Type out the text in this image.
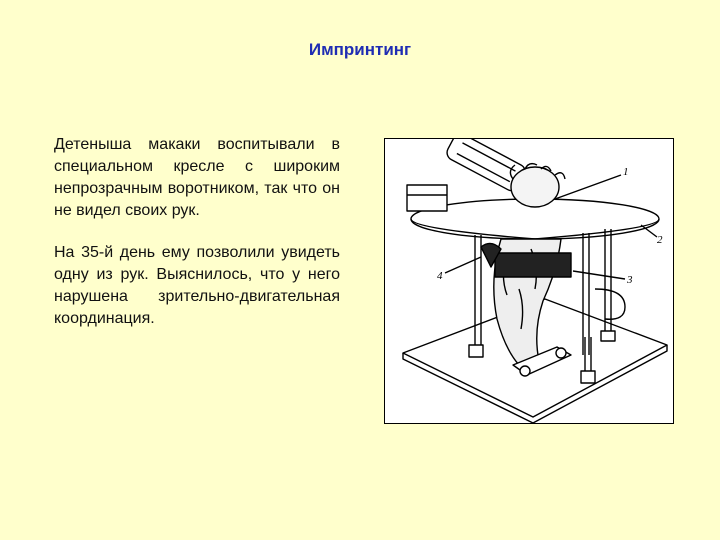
Импринтинг

Детеныша макаки воспитывали в специальном кресле с широким непрозрачным воротником, так что он не видел своих рук.

На 35-й день ему позволили увидеть одну из рук. Выяснилось, что у него нарушена зрительно-двигательная координация.

1
2
3
4
